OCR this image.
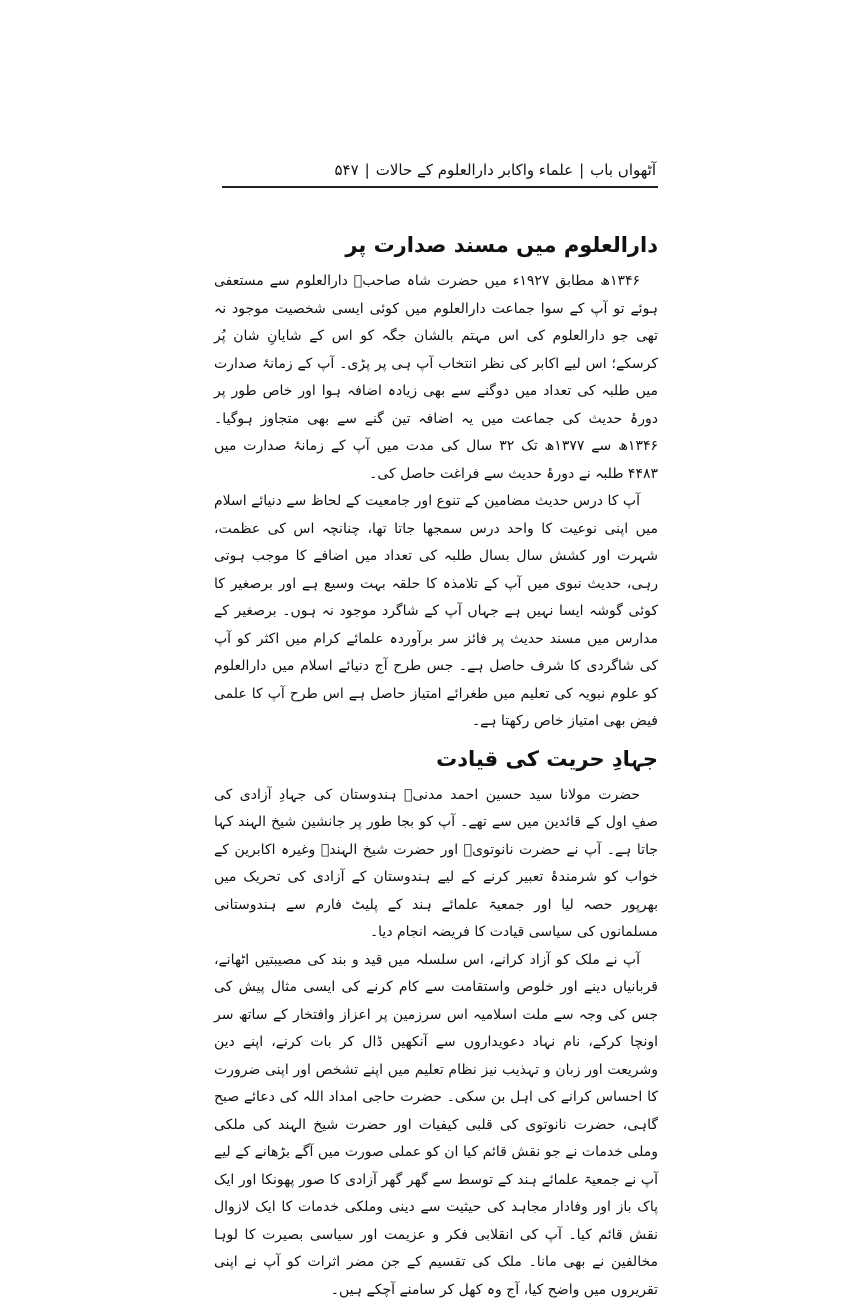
آٹھواں باب|علماء واکابر دارالعلوم کے حالات|۵۴۷
دارالعلوم میں مسند صدارت پر

۱۳۴۶ھ مطابق ۱۹۲۷ء میں حضرت شاہ صاحبؒ دارالعلوم سے مستعفی ہوئے تو آپ کے سوا جماعت دارالعلوم میں کوئی ایسی شخصیت موجود نہ تھی جو دارالعلوم کی اس مہتم بالشان جگہ کو اس کے شایانِ شان پُر کرسکے؛ اس لیے اکابر کی نظر انتخاب آپ ہی پر پڑی۔ آپ کے زمانۂ صدارت میں طلبہ کی تعداد میں دوگنے سے بھی زیادہ اضافہ ہوا اور خاص طور پر دورۂ حدیث کی جماعت میں یہ اضافہ تین گنے سے بھی متجاوز ہوگیا۔ ۱۳۴۶ھ سے ۱۳۷۷ھ تک ۳۲ سال کی مدت میں آپ کے زمانۂ صدارت میں ۴۴۸۳ طلبہ نے دورۂ حدیث سے فراغت حاصل کی۔

آپ کا درس حدیث مضامین کے تنوع اور جامعیت کے لحاظ سے دنیائے اسلام میں اپنی نوعیت کا واحد درس سمجھا جاتا تھا، چنانچہ اس کی عظمت، شہرت اور کشش سال بسال طلبہ کی تعداد میں اضافے کا موجب ہوتی رہی، حدیث نبوی میں آپ کے تلامذہ کا حلقہ بہت وسیع ہے اور برصغیر کا کوئی گوشہ ایسا نہیں ہے جہاں آپ کے شاگرد موجود نہ ہوں۔ برصغیر کے مدارس میں مسند حدیث پر فائز سر برآوردہ علمائے کرام میں اکثر کو آپ کی شاگردی کا شرف حاصل ہے۔ جس طرح آج دنیائے اسلام میں دارالعلوم کو علوم نبویہ کی تعلیم میں طغرائے امتیاز حاصل ہے اس طرح آپ کا علمی فیض بھی امتیاز خاص رکھتا ہے۔

جہادِ حریت کی قیادت

حضرت مولانا سید حسین احمد مدنیؒ ہندوستان کی جہادِ آزادی کی صفِ اول کے قائدین میں سے تھے۔ آپ کو بجا طور پر جانشین شیخ الہند کہا جاتا ہے۔ آپ نے حضرت نانوتویؒ اور حضرت شیخ الہندؒ وغیرہ اکابرین کے خواب کو شرمندۂ تعبیر کرنے کے لیے ہندوستان کے آزادی کی تحریک میں بھرپور حصہ لیا اور جمعیۃ علمائے ہند کے پلیٹ فارم سے ہندوستانی مسلمانوں کی سیاسی قیادت کا فریضہ انجام دیا۔

آپ نے ملک کو آزاد کرانے، اس سلسلہ میں قید و بند کی مصیبتیں اٹھانے، قربانیاں دینے اور خلوص واستقامت سے کام کرنے کی ایسی مثال پیش کی جس کی وجہ سے ملت اسلامیہ اس سرزمین پر اعزاز وافتخار کے ساتھ سر اونچا کرکے، نام نہاد دعویداروں سے آنکھیں ڈال کر بات کرنے، اپنے دین وشریعت اور زبان و تہذیب نیز نظام تعلیم میں اپنے تشخص اور اپنی ضرورت کا احساس کرانے کی اہل بن سکی۔ حضرت حاجی امداد اللہ کی دعائے صبح گاہی، حضرت نانوتوی کی قلبی کیفیات اور حضرت شیخ الہند کی ملکی وملی خدمات نے جو نقش قائم کیا ان کو عملی صورت میں آگے بڑھانے کے لیے آپ نے جمعیۃ علمائے ہند کے توسط سے گھر گھر آزادی کا صور پھونکا اور ایک پاک باز اور وفادار مجاہد کی حیثیت سے دینی وملکی خدمات کا ایک لازوال نقش قائم کیا۔ آپ کی انقلابی فکر و عزیمت اور سیاسی بصیرت کا لوہا مخالفین نے بھی مانا۔ ملک کی تقسیم کے جن مضر اثرات کو آپ نے اپنی تقریروں میں واضح کیا، آج وہ کھل کر سامنے آچکے ہیں۔
